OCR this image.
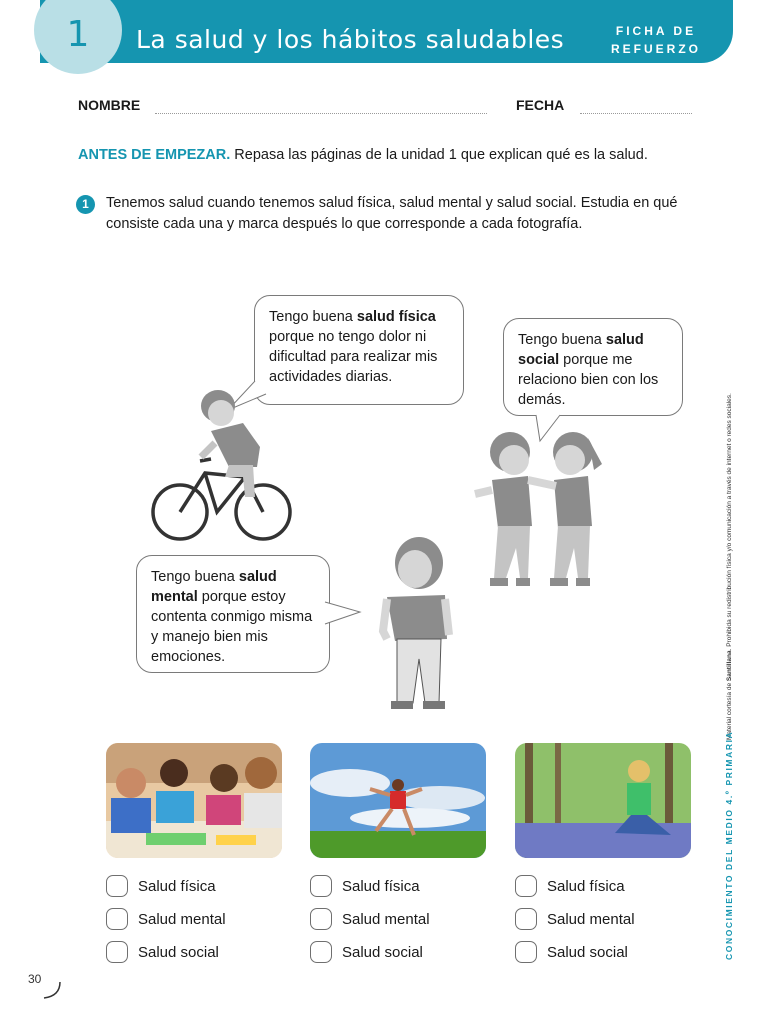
1	La salud y los hábitos saludables	FICHA DE
REFUERZO
NOMBRE	FECHA
ANTES DE EMPEZAR. Repasa las páginas de la unidad 1 que explican qué es la salud.
1	Tenemos salud cuando tenemos salud física, salud mental y salud social. Estudia en qué consiste cada una y marca después lo que corresponde a cada fotografía.
Tengo buena salud física porque no tengo dolor ni dificultad para realizar mis actividades diarias.
Tengo buena salud social porque me relaciono bien con los demás.
Tengo buena salud mental porque estoy contenta conmigo misma y manejo bien mis emociones.
Salud física
Salud mental
Salud social
Salud física
Salud mental
Salud social
Salud física
Salud mental
Salud social
Material cortesía de Santillana. Prohibida su redistribución física y/o comunicación a través de internet o redes sociales.
CONOCIMIENTO DEL MEDIO 4.º PRIMARIA
30
